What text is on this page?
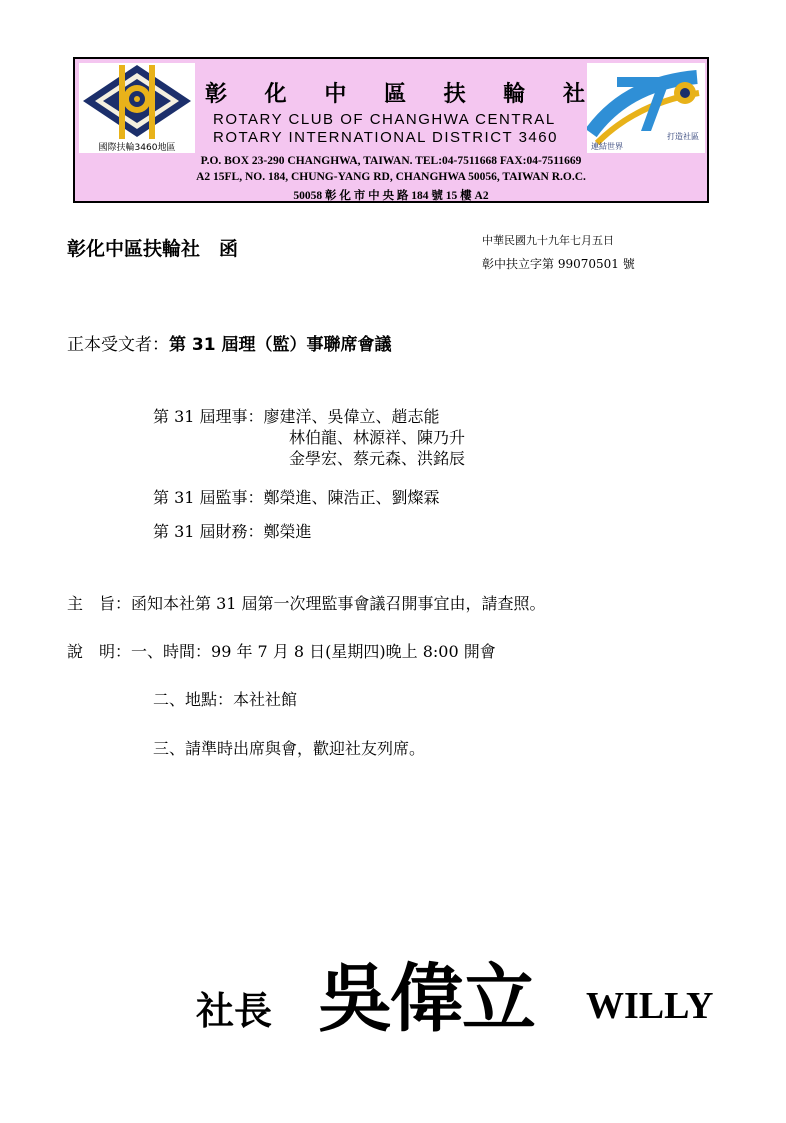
國際扶輪3460地區
彰 化 中 區 扶 輪 社
ROTARY CLUB OF CHANGHWA CENTRAL
ROTARY INTERNATIONAL DISTRICT 3460
連結世界
打造社區
P.O. BOX 23-290 CHANGHWA, TAIWAN. TEL:04-7511668 FAX:04-7511669
A2 15FL, NO. 184, CHUNG-YANG RD, CHANGHWA 50056, TAIWAN R.O.C.
50058 彰 化 市 中 央 路 184 號 15 樓 A2
彰化中區扶輪社　函	中華民國九十九年七月五日
彰中扶立字第 99070501 號
正本受文者：第 31 屆理（監）事聯席會議
第 31 屆理事：廖建洋、吳偉立、趙志能
林伯龍、林源祥、陳乃升
金學宏、蔡元森、洪銘辰
第 31 屆監事：鄭榮進、陳浩正、劉燦霖
第 31 屆財務：鄭榮進
主　旨：函知本社第 31 屆第一次理監事會議召開事宜由，請查照。
說　明：一、時間：99 年 7 月 8 日(星期四)晚上 8:00 開會
二、地點：本社社館
三、請準時出席與會，歡迎社友列席。
社長 吳偉立 WILLY
